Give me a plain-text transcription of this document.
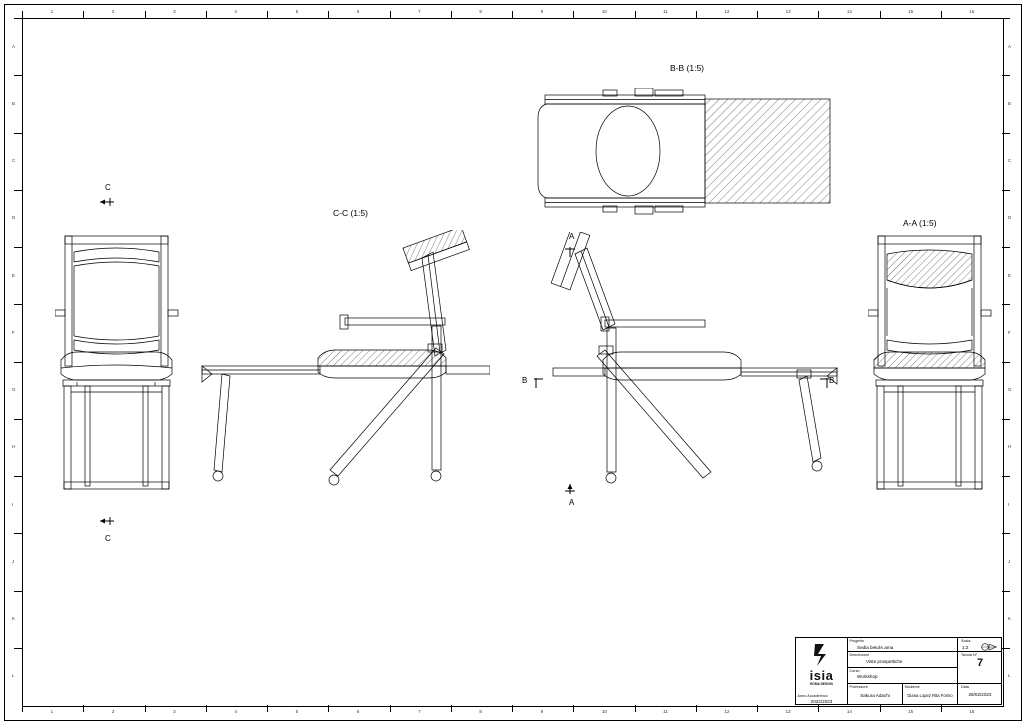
1	2	3	4	5	6	7	8	9	10	11	12	13	14	15	16
1	2	3	4	5	6	7	8	9	10	11	12	13	14	15	16
A
B
C
D
E
F
G
H
I
J
K
L
A
B
C
D
E
F
G
H
I
J
K
L
B-B (1:5)
C-C (1:5)
A-A (1:5)
C
C
A
A
B	B
isia
ROMA DESIGN
Progetto
Sedia betulA.ama
Descrizione
Viste prospettiche
Corso
Workshop
Scala
1:2
Tavola N°
7
Data
28/02/2023
Anno Accademico
2022/2023
Professore
Sakura Adachi
Studente
Diana Lopez Rita Forino
